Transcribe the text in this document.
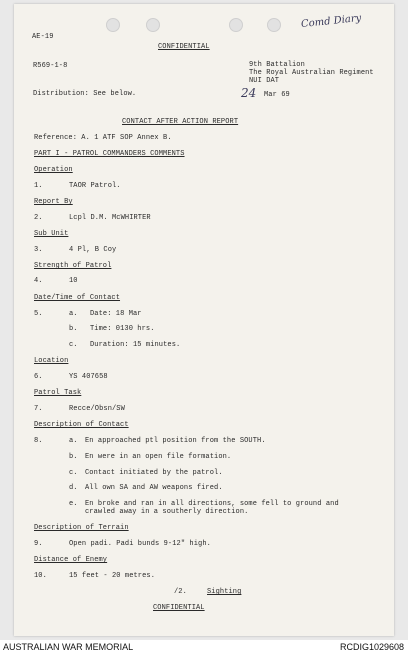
Comd Diary
AE-19
CONFIDENTIAL
R569-1-8	9th Battalion
The Royal Australian Regiment
NUI DAT
Distribution: See below.	24 Mar 69
CONTACT AFTER ACTION REPORT
Reference: A. 1 ATF SOP Annex B.
PART I - PATROL COMMANDERS COMMENTS
Operation
1.	TAOR Patrol.
Report By
2.	Lcpl D.M. McWHIRTER
Sub Unit
3.	4 Pl, B Coy
Strength of Patrol
4.	10
Date/Time of Contact
5.	a. Date: 18 Mar
b. Time: 0130 hrs.
c. Duration: 15 minutes.
Location
6.	YS 407658
Patrol Task
7.	Recce/Obsn/SW
Description of Contact
8.	a. En approached ptl position from the SOUTH.
b. En were in an open file formation.
c. Contact initiated by the patrol.
d. All own SA and AW weapons fired.
e. En broke and ran in all directions, some fell to ground and
crawled away in a southerly direction.
Description of Terrain
9.	Open padi. Padi bunds 9-12" high.
Distance of Enemy
10.	15 feet - 20 metres.
/2.	Sighting
CONFIDENTIAL
AUSTRALIAN WAR MEMORIAL	RCDIG1029608
